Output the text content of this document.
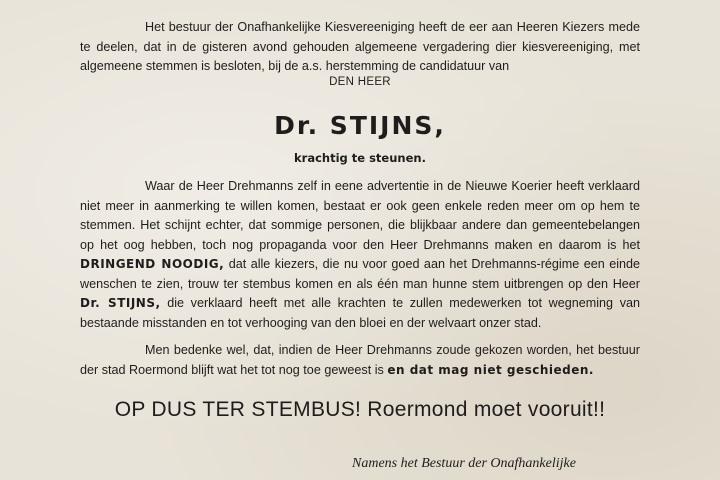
Het bestuur der Onafhankelijke Kiesvereeniging heeft de eer aan Heeren Kiezers mede te deelen, dat in de gisteren avond gehouden algemeene vergadering dier kiesvereeniging, met algemeene stemmen is besloten, bij de a.s. herstemming de candidatuur van

DEN HEER
Dr. STIJNS,
krachtig te steunen.

Waar de Heer Drehmanns zelf in eene advertentie in de Nieuwe Koerier heeft verklaard niet meer in aanmerking te willen komen, bestaat er ook geen enkele reden meer om op hem te stemmen. Het schijnt echter, dat sommige personen, die blijkbaar andere dan gemeentebelangen op het oog hebben, toch nog propaganda voor den Heer Drehmanns maken en daarom is het DRINGEND NOODIG, dat alle kiezers, die nu voor goed aan het Drehmanns-régime een einde wenschen te zien, trouw ter stembus komen en als één man hunne stem uitbrengen op den Heer Dr. STIJNS, die verklaard heeft met alle krachten te zullen medewerken tot wegneming van bestaande misstanden en tot verhooging van den bloei en der welvaart onzer stad.

Men bedenke wel, dat, indien de Heer Drehmanns zoude gekozen worden, het bestuur der stad Roermond blijft wat het tot nog toe geweest is en dat mag niet geschieden.

OP DUS TER STEMBUS! Roermond moet vooruit!!
Namens het Bestuur der Onafhankelijke
